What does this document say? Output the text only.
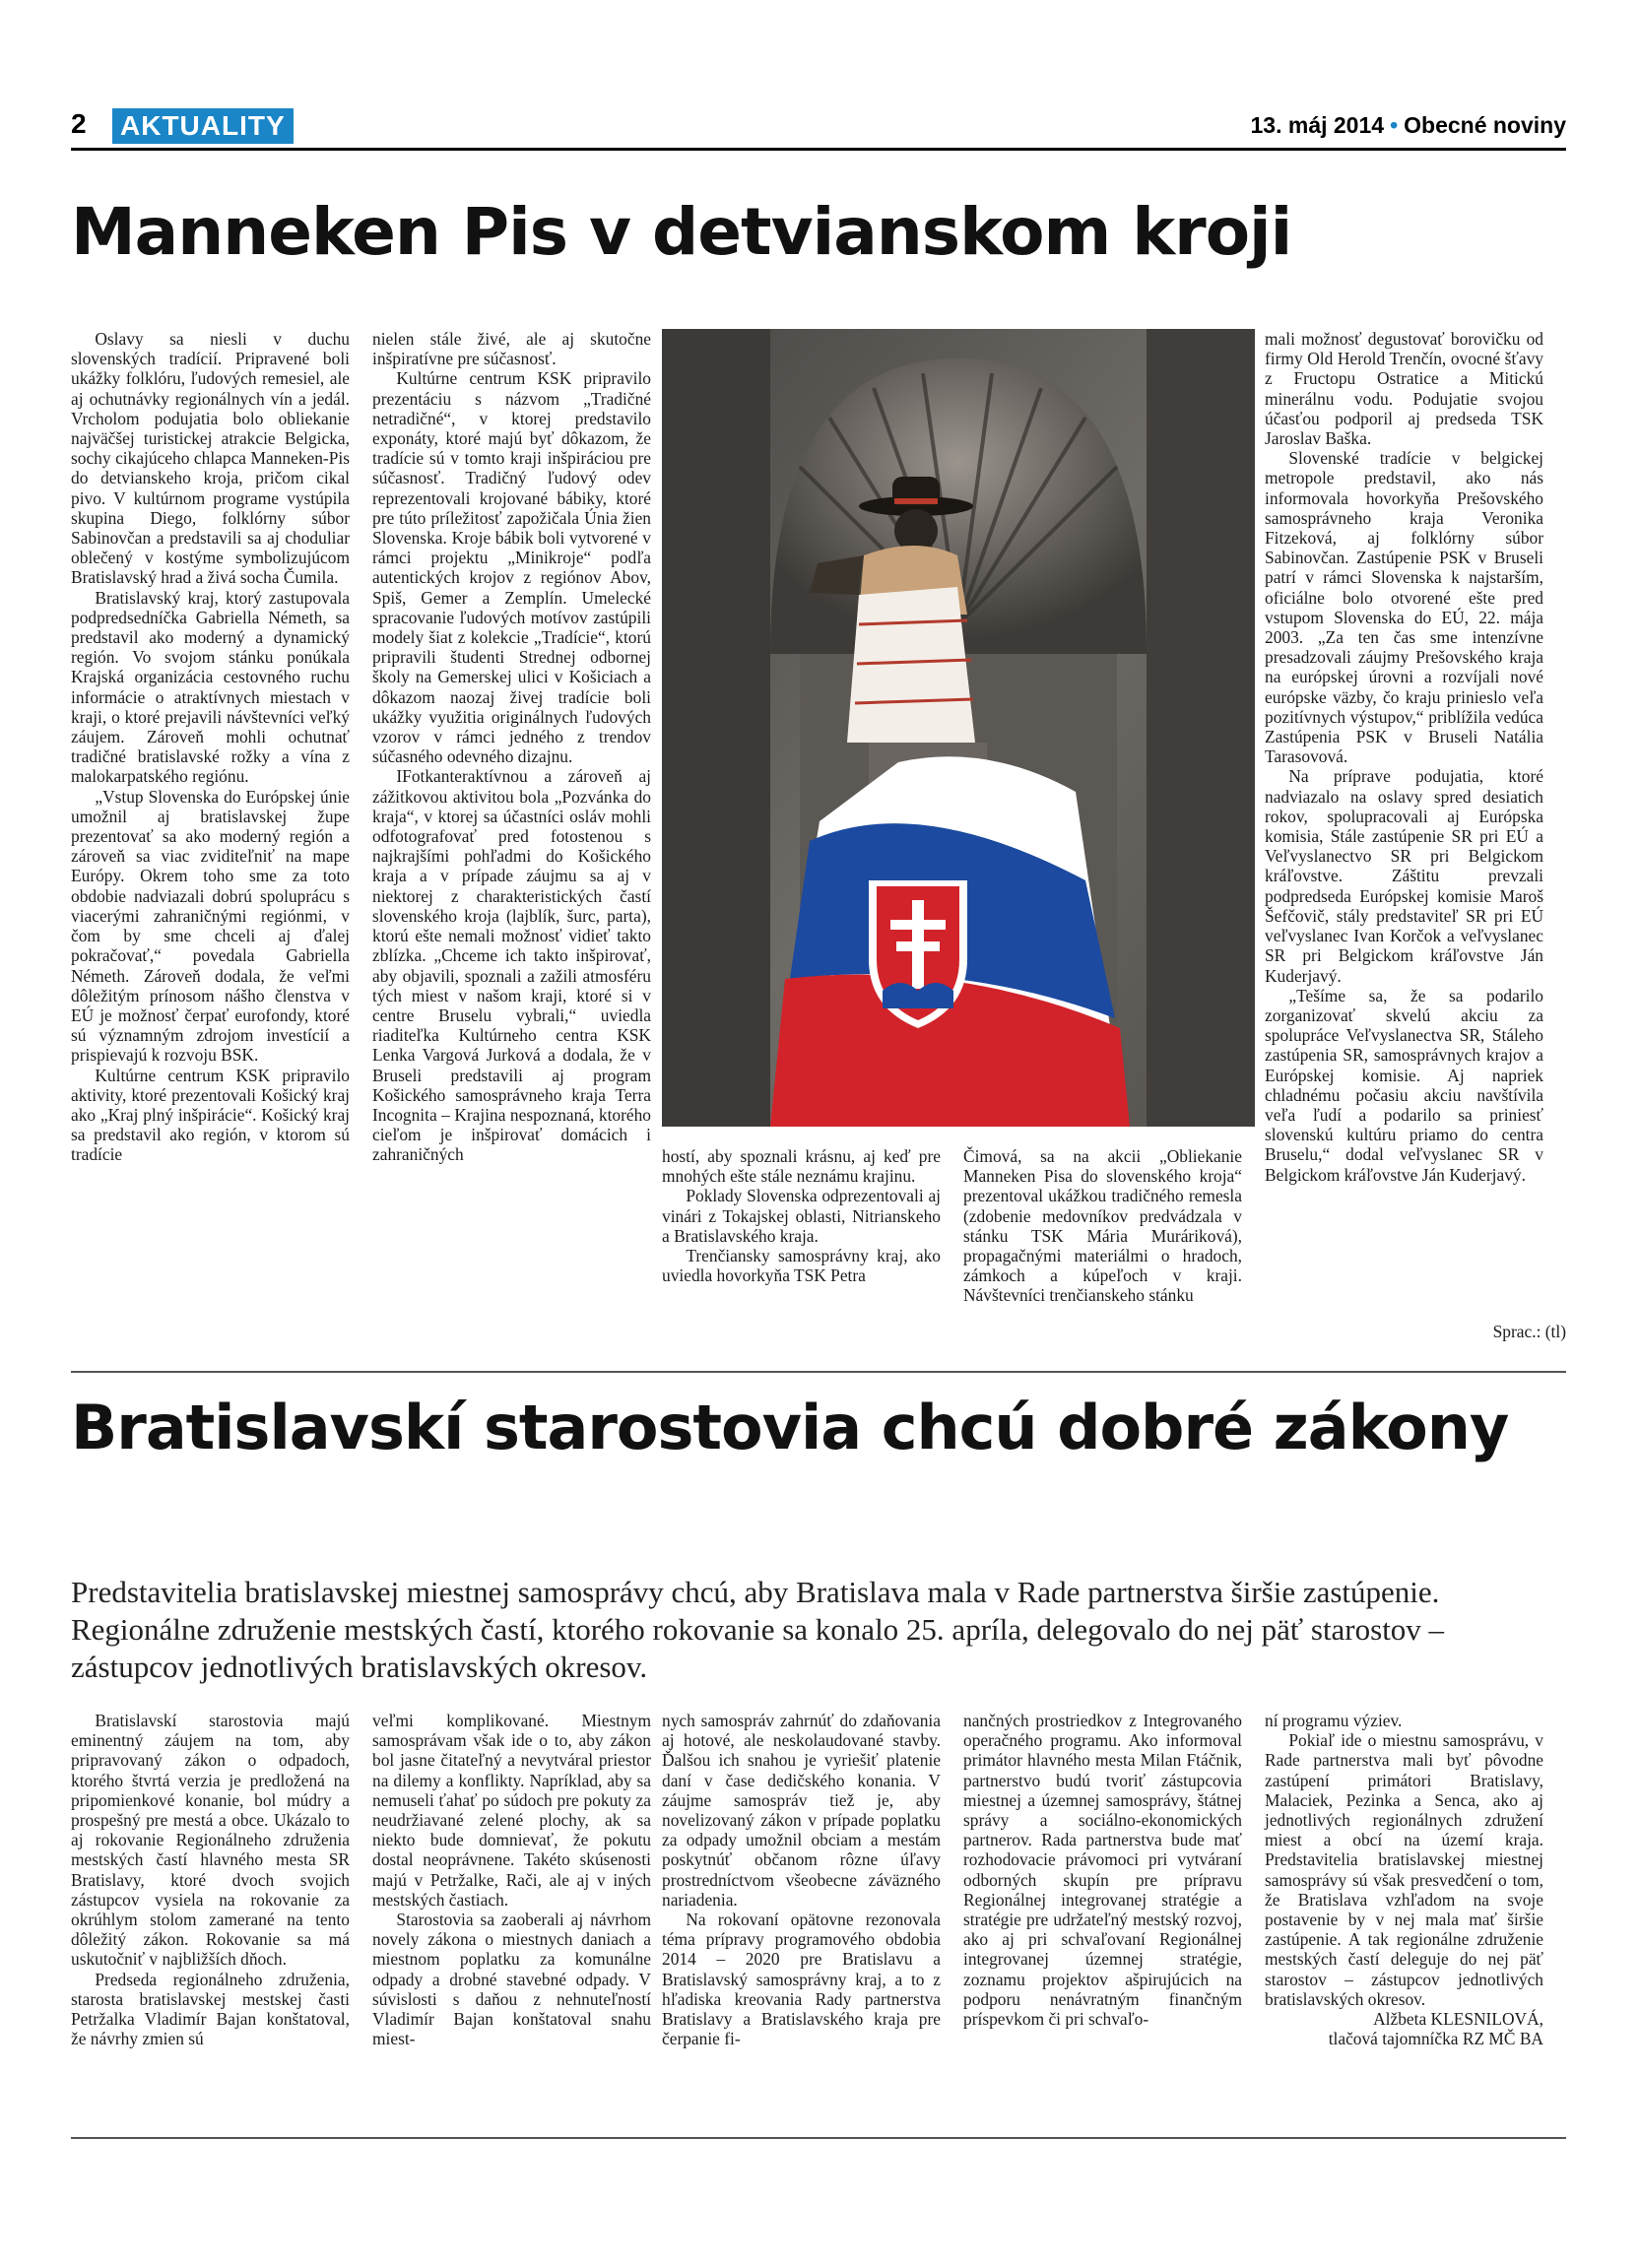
2 AKTUALITY	13. máj 2014 • Obecné noviny
Manneken Pis v detvianskom kroji

Oslavy sa niesli v duchu slovenských tradícií. Pripravené boli ukážky folklóru, ľudových remesiel, ale aj ochutnávky regionálnych vín a jedál. Vrcholom podujatia bolo obliekanie najväčšej turistickej atrakcie Belgicka, sochy cikajúceho chlapca Manneken-Pis do detvianskeho kroja, pričom cikal pivo. V kultúrnom programe vystúpila skupina Diego, folklórny súbor Sabinovčan a predstavili sa aj choduliar oblečený v kostýme symbolizujúcom Bratislavský hrad a živá socha Čumila.

Bratislavský kraj, ktorý zastupovala podpredsedníčka Gabriella Németh, sa predstavil ako moderný a dynamický región. Vo svojom stánku ponúkala Krajská organizácia cestovného ruchu informácie o atraktívnych miestach v kraji, o ktoré prejavili návštevníci veľký záujem. Zároveň mohli ochutnať tradičné bratislavské rožky a vína z malokarpatského regiónu.

„Vstup Slovenska do Európskej únie umožnil aj bratislavskej župe prezentovať sa ako moderný región a zároveň sa viac zviditeľniť na mape Európy. Okrem toho sme za toto obdobie nadviazali dobrú spoluprácu s viacerými zahraničnými regiónmi, v čom by sme chceli aj ďalej pokračovať,“ povedala Gabriella Németh. Zároveň dodala, že veľmi dôležitým prínosom nášho členstva v EÚ je možnosť čerpať eurofondy, ktoré sú významným zdrojom investícií a prispievajú k rozvoju BSK.

Kultúrne centrum KSK pripravilo aktivity, ktoré prezentovali Košický kraj ako „Kraj plný inšpirácie“. Košický kraj sa predstavil ako región, v ktorom sú tradície

nielen stále živé, ale aj skutočne inšpiratívne pre súčasnosť.

Kultúrne centrum KSK pripravilo prezentáciu s názvom „Tradičné netradičné“, v ktorej predstavilo exponáty, ktoré majú byť dôkazom, že tradície sú v tomto kraji inšpiráciou pre súčasnosť. Tradičný ľudový odev reprezentovali krojované bábiky, ktoré pre túto príležitosť zapožičala Únia žien Slovenska. Kroje bábik boli vytvorené v rámci projektu „Minikroje“ podľa autentických krojov z regiónov Abov, Spiš, Gemer a Zemplín. Umelecké spracovanie ľudových motívov zastúpili modely šiat z kolekcie „Tradície“, ktorú pripravili študenti Strednej odbornej školy na Gemerskej ulici v Košiciach a dôkazom naozaj živej tradície boli ukážky využitia originálnych ľudových vzorov v rámci jedného z trendov súčasného odevného dizajnu.

IFotkanteraktívnou a zároveň aj zážitkovou aktivitou bola „Pozvánka do kraja“, v ktorej sa účastníci osláv mohli odfotografovať pred fotostenou s najkrajšími pohľadmi do Košického kraja a v prípade záujmu sa aj v niektorej z charakteristických častí slovenského kroja (lajblík, šurc, parta), ktorú ešte nemali možnosť vidieť takto zblízka. „Chceme ich takto inšpirovať, aby objavili, spoznali a zažili atmosféru tých miest v našom kraji, ktoré si v centre Bruselu vybrali,“ uviedla riaditeľka Kultúrneho centra KSK Lenka Vargová Jurková a dodala, že v Bruseli predstavili aj program Košického samosprávneho kraja Terra Incognita – Krajina nespoznaná, ktorého cieľom je inšpirovať domácich i zahraničných	hostí, aby spoznali krásnu, aj keď pre mnohých ešte stále neznámu krajinu.

Poklady Slovenska odprezentovali aj vinári z Tokajskej oblasti, Nitrianskeho a Bratislavského kraja.

Trenčiansky samosprávny kraj, ako uviedla hovorkyňa TSK Petra

Čimová, sa na akcii „Obliekanie Manneken Pisa do slovenského kroja“ prezentoval ukážkou tradičného remesla (zdobenie medovníkov predvádzala v stánku TSK Mária Muráriková), propagačnými materiálmi o hradoch, zámkoch a kúpeľoch v kraji. Návštevníci trenčianskeho stánku

mali možnosť degustovať borovičku od firmy Old Herold Trenčín, ovocné šťavy z Fructopu Ostratice a Mitickú minerálnu vodu. Podujatie svojou účasťou podporil aj predseda TSK Jaroslav Baška.

Slovenské tradície v belgickej metropole predstavil, ako nás informovala hovorkyňa Prešovského samosprávneho kraja Veronika Fitzeková, aj folklórny súbor Sabinovčan. Zastúpenie PSK v Bruseli patrí v rámci Slovenska k najstarším, oficiálne bolo otvorené ešte pred vstupom Slovenska do EÚ, 22. mája 2003. „Za ten čas sme intenzívne presadzovali záujmy Prešovského kraja na európskej úrovni a rozvíjali nové európske väzby, čo kraju prinieslo veľa pozitívnych výstupov,“ priblížila vedúca Zastúpenia PSK v Bruseli Natália Tarasovová.

Na príprave podujatia, ktoré nadviazalo na oslavy spred desiatich rokov, spolupracovali aj Európska komisia, Stále zastúpenie SR pri EÚ a Veľvyslanectvo SR pri Belgickom kráľovstve. Záštitu prevzali podpredseda Európskej komisie Maroš Šefčovič, stály predstaviteľ SR pri EÚ veľvyslanec Ivan Korčok a veľvyslanec SR pri Belgickom kráľovstve Ján Kuderjavý.

„Tešíme sa, že sa podarilo zorganizovať skvelú akciu za spolupráce Veľvyslanectva SR, Stáleho zastúpenia SR, samosprávnych krajov a Európskej komisie. Aj napriek chladnému počasiu akciu navštívila veľa ľudí a podarilo sa priniesť slovenskú kultúru priamo do centra Bruselu,“ dodal veľvyslanec SR v Belgickom kráľovstve Ján Kuderjavý.

Sprac.: (tl)
Bratislavskí starostovia chcú dobré zákony
Predstavitelia bratislavskej miestnej samosprávy chcú, aby Bratislava mala v Rade partnerstva širšie zastúpenie. Regionálne združenie mestských častí, ktorého rokovanie sa konalo 25. apríla, delegovalo do nej päť starostov – zástupcov jednotlivých bratislavských okresov.

Bratislavskí starostovia majú eminentný záujem na tom, aby pripravovaný zákon o odpadoch, ktorého štvrtá verzia je predložená na pripomienkové konanie, bol múdry a prospešný pre mestá a obce. Ukázalo to aj rokovanie Regionálneho združenia mestských častí hlavného mesta SR Bratislavy, ktoré dvoch svojich zástupcov vysiela na rokovanie za okrúhlym stolom zamerané na tento dôležitý zákon. Rokovanie sa má uskutočniť v najbližších dňoch.

Predseda regionálneho združenia, starosta bratislavskej mestskej časti Petržalka Vladimír Bajan konštatoval, že návrhy zmien sú

veľmi komplikované. Miestnym samosprávam však ide o to, aby zákon bol jasne čitateľný a nevytváral priestor na dilemy a konflikty. Napríklad, aby sa nemuseli ťahať po súdoch pre pokuty za neudržiavané zelené plochy, ak sa niekto bude domnievať, že pokutu dostal neoprávnene. Takéto skúsenosti majú v Petržalke, Rači, ale aj v iných mestských častiach.

Starostovia sa zaoberali aj návrhom novely zákona o miestnych daniach a miestnom poplatku za komunálne odpady a drobné stavebné odpady. V súvislosti s daňou z nehnuteľností Vladimír Bajan konštatoval snahu miest-

nych samospráv zahrnúť do zdaňovania aj hotové, ale neskolaudované stavby. Ďalšou ich snahou je vyriešiť platenie daní v čase dedičského konania. V záujme samospráv tiež je, aby novelizovaný zákon v prípade poplatku za odpady umožnil obciam a mestám poskytnúť občanom rôzne úľavy prostredníctvom všeobecne záväzného nariadenia.

Na rokovaní opätovne rezonovala téma prípravy programového obdobia 2014 – 2020 pre Bratislavu a Bratislavský samosprávny kraj, a to z hľadiska kreovania Rady partnerstva Bratislavy a Bratislavského kraja pre čerpanie fi-

nančných prostriedkov z Integrovaného operačného programu. Ako informoval primátor hlavného mesta Milan Ftáčnik, partnerstvo budú tvoriť zástupcovia miestnej a územnej samosprávy, štátnej správy a sociálno-ekonomických partnerov. Rada partnerstva bude mať rozhodovacie právomoci pri vytváraní odborných skupín pre prípravu Regionálnej integrovanej stratégie a stratégie pre udržateľný mestský rozvoj, ako aj pri schvaľovaní Regionálnej integrovanej územnej stratégie, zoznamu projektov ašpirujúcich na podporu nenávratným finančným príspevkom či pri schvaľo-

ní programu výziev.

Pokiaľ ide o miestnu samosprávu, v Rade partnerstva mali byť pôvodne zastúpení primátori Bratislavy, Malaciek, Pezinka a Senca, ako aj jednotlivých regionálnych združení miest a obcí na území kraja. Predstavitelia bratislavskej miestnej samosprávy sú však presvedčení o tom, že Bratislava vzhľadom na svoje postavenie by v nej mala mať širšie zastúpenie. A tak regionálne združenie mestských častí deleguje do nej päť starostov – zástupcov jednotlivých bratislavských okresov.

Alžbeta KLESNILOVÁ,

tlačová tajomníčka RZ MČ BA
